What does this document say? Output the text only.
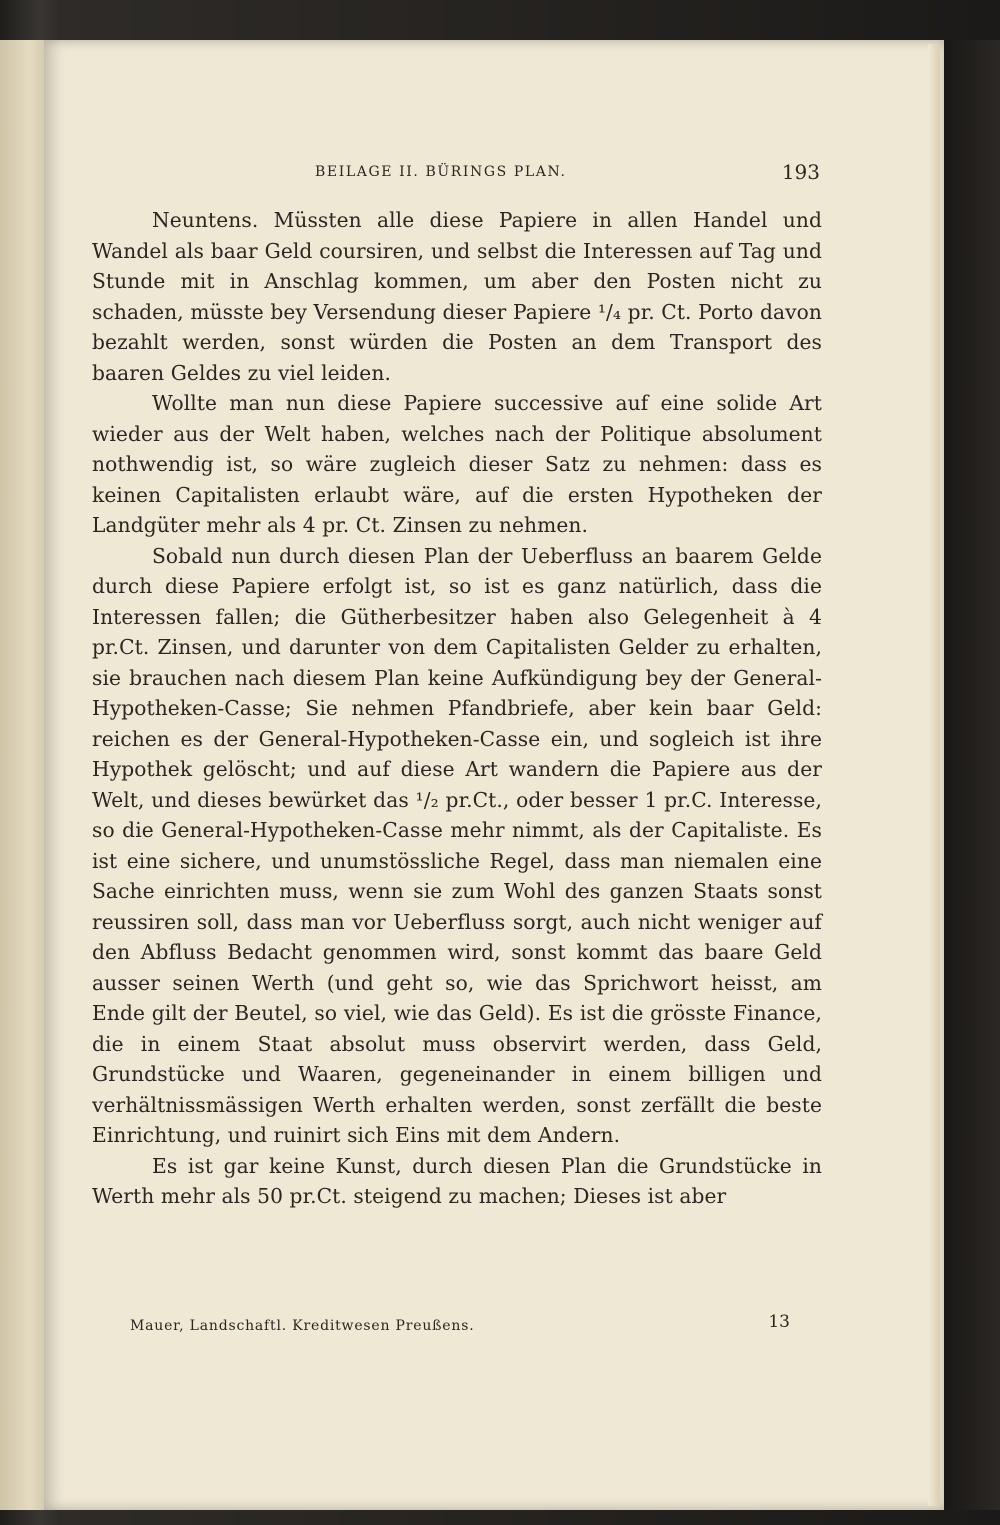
BEILAGE II. BÜRINGS PLAN.	193

Neuntens. Müssten alle diese Papiere in allen Handel und Wandel als baar Geld coursiren, und selbst die Interessen auf Tag und Stunde mit in Anschlag kommen, um aber den Posten nicht zu schaden, müsste bey Versendung dieser Papiere ¹/₄ pr. Ct. Porto davon bezahlt werden, sonst würden die Posten an dem Transport des baaren Geldes zu viel leiden.

Wollte man nun diese Papiere successive auf eine solide Art wieder aus der Welt haben, welches nach der Politique absolument nothwendig ist, so wäre zugleich dieser Satz zu nehmen: dass es keinen Capitalisten erlaubt wäre, auf die ersten Hypotheken der Landgüter mehr als 4 pr. Ct. Zinsen zu nehmen.

Sobald nun durch diesen Plan der Ueberfluss an baarem Gelde durch diese Papiere erfolgt ist, so ist es ganz natürlich, dass die Interessen fallen; die Gütherbesitzer haben also Gelegenheit à 4 pr.Ct. Zinsen, und darunter von dem Capitalisten Gelder zu erhalten, sie brauchen nach diesem Plan keine Aufkündigung bey der General-Hypotheken-Casse; Sie nehmen Pfandbriefe, aber kein baar Geld: reichen es der General-Hypotheken-Casse ein, und sogleich ist ihre Hypothek gelöscht; und auf diese Art wandern die Papiere aus der Welt, und dieses bewürket das ¹/₂ pr.Ct., oder besser 1 pr.C. Interesse, so die General-Hypotheken-Casse mehr nimmt, als der Capitaliste. Es ist eine sichere, und unumstössliche Regel, dass man niemalen eine Sache einrichten muss, wenn sie zum Wohl des ganzen Staats sonst reussiren soll, dass man vor Ueberfluss sorgt, auch nicht weniger auf den Abfluss Bedacht genommen wird, sonst kommt das baare Geld ausser seinen Werth (und geht so, wie das Sprichwort heisst, am Ende gilt der Beutel, so viel, wie das Geld). Es ist die grösste Finance, die in einem Staat absolut muss observirt werden, dass Geld, Grundstücke und Waaren, gegeneinander in einem billigen und verhältnissmässigen Werth erhalten werden, sonst zerfällt die beste Einrichtung, und ruinirt sich Eins mit dem Andern.

Es ist gar keine Kunst, durch diesen Plan die Grundstücke in Werth mehr als 50 pr.Ct. steigend zu machen; Dieses ist aber

Mauer, Landschaftl. Kreditwesen Preußens.	13
